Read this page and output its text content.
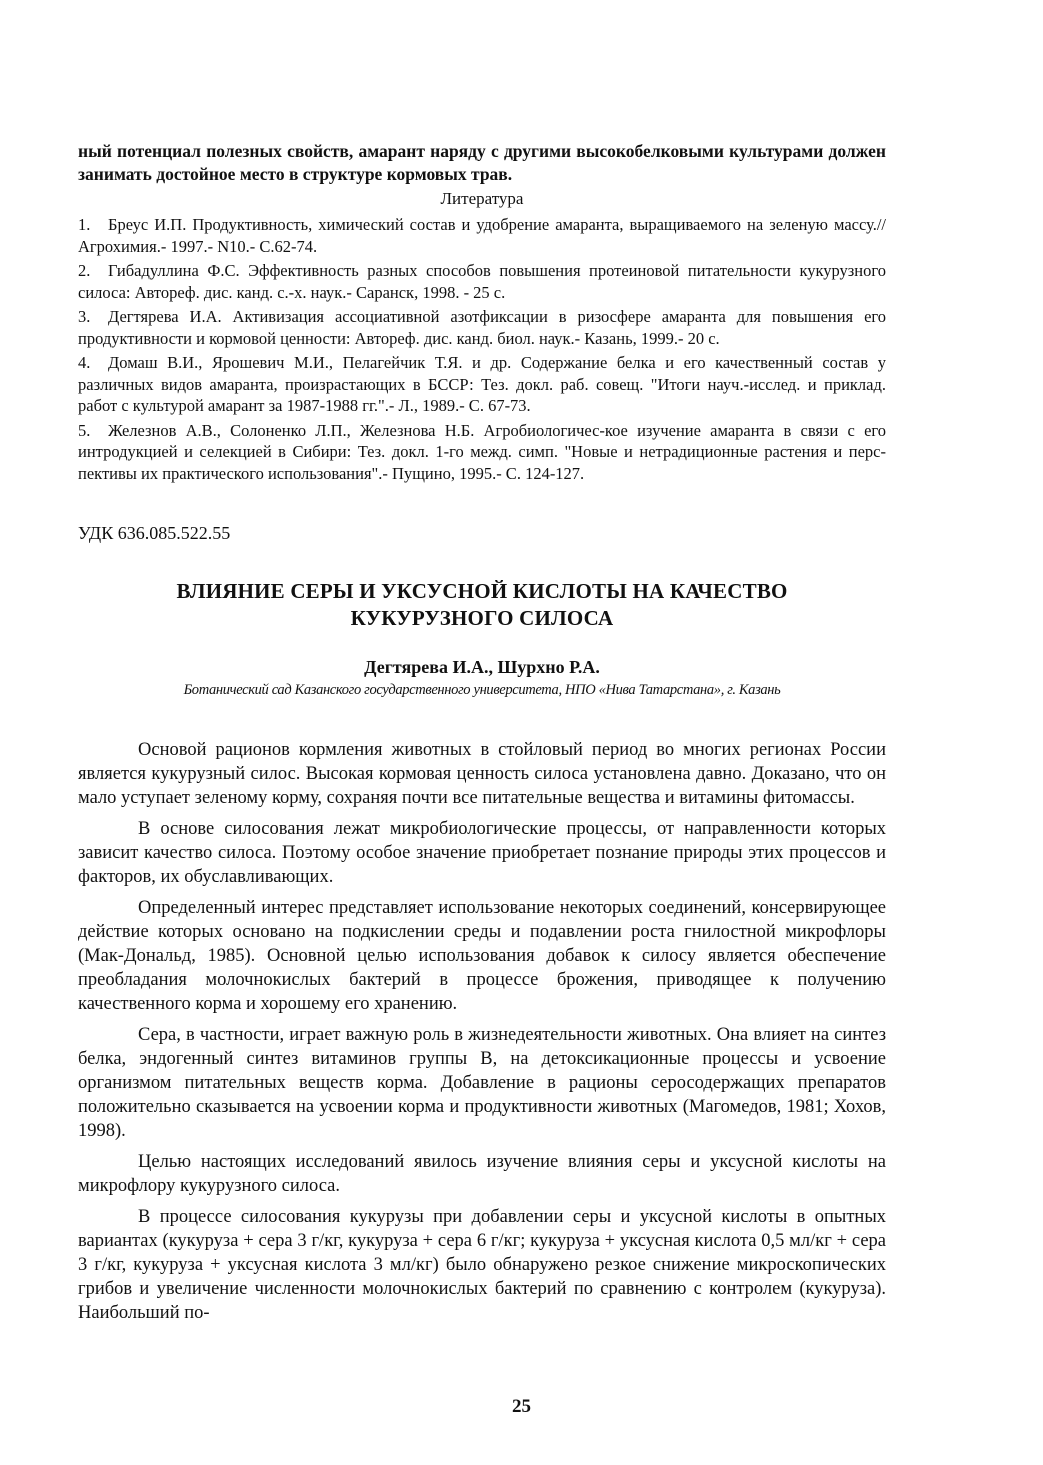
ный потенциал полезных свойств, амарант наряду с другими высокобелковыми культурами должен занимать достойное место в структуре кормовых трав.

Литература

1. Бреус И.П. Продуктивность, химический состав и удобрение амаранта, выращиваемого на зеленую массу.//Агрохимия.- 1997.- N10.- С.62-74.

2. Гибадуллина Ф.С. Эффективность разных способов повышения протеиновой питательности кукурузного силоса: Автореф. дис. канд. с.-х. наук.- Саранск, 1998. - 25 с.

3. Дегтярева И.А. Активизация ассоциативной азотфиксации в ризосфере амаранта для повышения его продуктивности и кормовой ценности: Автореф. дис. канд. биол. наук.- Казань, 1999.- 20 с.

4. Домаш В.И., Ярошевич М.И., Пелагейчик Т.Я. и др. Содержание белка и его качественный состав у различных видов амаранта, произрастающих в БССР: Тез. докл. раб. совещ. "Итоги науч.-исслед. и приклад. работ с культурой амарант за 1987-1988 гг.".- Л., 1989.- С. 67-73.

5. Железнов А.В., Солоненко Л.П., Железнова Н.Б. Агробиологичес-кое изучение амаранта в связи с его интродукцией и селекцией в Сибири: Тез. докл. 1-го межд. симп. "Новые и нетрадиционные растения и перс-пективы их практического использования".- Пущино, 1995.- С. 124-127.

УДК 636.085.522.55
ВЛИЯНИЕ СЕРЫ И УКСУСНОЙ КИСЛОТЫ НА КАЧЕСТВО
КУКУРУЗНОГО СИЛОСА
Дегтярева И.А., Шурхно Р.А.
Ботанический сад Казанского государственного университета, НПО «Нива Татарстана», г. Казань

Основой рационов кормления животных в стойловый период во многих регионах России является кукурузный силос. Высокая кормовая ценность силоса установлена давно. Доказано, что он мало уступает зеленому корму, сохраняя почти все питательные вещества и витамины фитомассы.

В основе силосования лежат микробиологические процессы, от направленности которых зависит качество силоса. Поэтому особое значение приобретает познание природы этих процессов и факторов, их обуславливающих.

Определенный интерес представляет использование некоторых соединений, консервирующее действие которых основано на подкислении среды и подавлении роста гнилостной микрофлоры (Мак-Дональд, 1985). Основной целью использования добавок к силосу является обеспечение преобладания молочнокислых бактерий в процессе брожения, приводящее к получению качественного корма и хорошему его хранению.

Сера, в частности, играет важную роль в жизнедеятельности животных. Она влияет на синтез белка, эндогенный синтез витаминов группы В, на детоксикационные процессы и усвоение организмом питательных веществ корма. Добавление в рационы серосодержащих препаратов положительно сказывается на усвоении корма и продуктивности животных (Магомедов, 1981; Хохов, 1998).

Целью настоящих исследований явилось изучение влияния серы и уксусной кислоты на микрофлору кукурузного силоса.

В процессе силосования кукурузы при добавлении серы и уксусной кислоты в опытных вариантах (кукуруза + сера 3 г/кг, кукуруза + сера 6 г/кг; кукуруза + уксусная кислота 0,5 мл/кг + сера 3 г/кг, кукуруза + уксусная кислота 3 мл/кг) было обнаружено резкое снижение микроскопических грибов и увеличение численности молочнокислых бактерий по сравнению с контролем (кукуруза). Наибольший по-

25
